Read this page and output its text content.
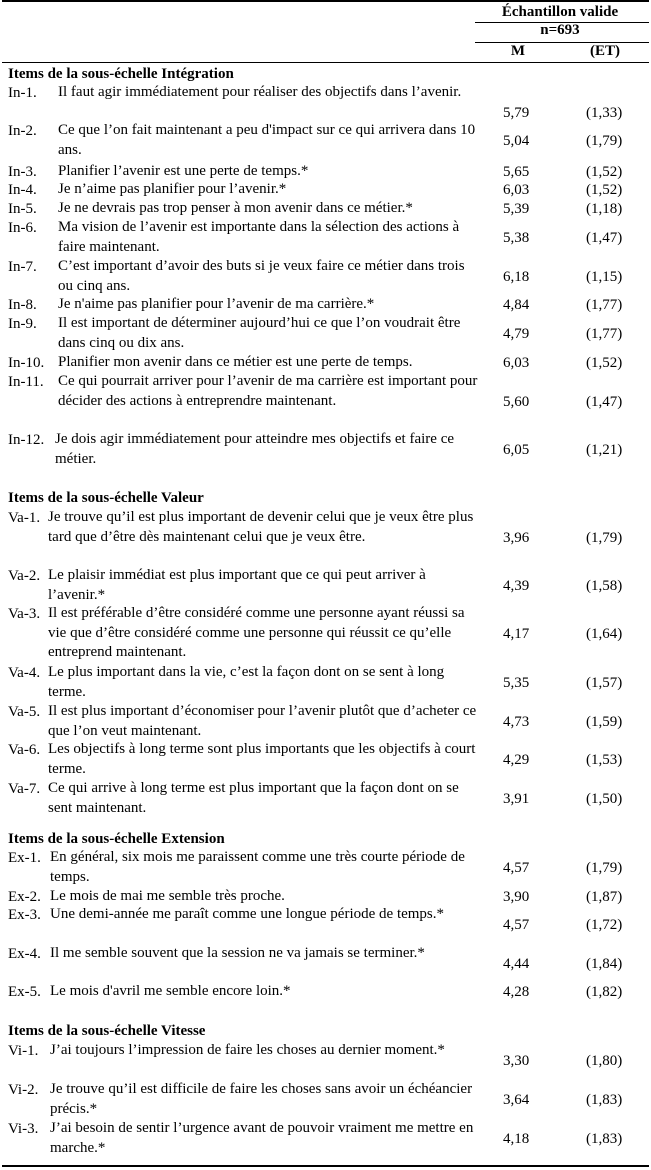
Échantillon valide
n=693
M	(ET)
Items de la sous-échelle Intégration
In-1. Il faut agir immédiatement pour réaliser des objectifs dans l’avenir.
5,79	(1,33)
In-2. Ce que l’on fait maintenant a peu d'impact sur ce qui arrivera dans 10 ans.
5,04	(1,79)
In-3. Planifier l’avenir est une perte de temps.*	5,65	(1,52)
In-4. Je n’aime pas planifier pour l’avenir.*	6,03	(1,52)
In-5. Je ne devrais pas trop penser à mon avenir dans ce métier.*	5,39	(1,18)
In-6. Ma vision de l’avenir est importante dans la sélection des actions à faire maintenant.
5,38	(1,47)
In-7. C’est important d’avoir des buts si je veux faire ce métier dans trois ou cinq ans.
6,18	(1,15)
In-8. Je n'aime pas planifier pour l’avenir de ma carrière.*	4,84	(1,77)
In-9. Il est important de déterminer aujourd’hui ce que l’on voudrait être dans cinq ou dix ans.
4,79	(1,77)
In-10. Planifier mon avenir dans ce métier est une perte de temps.	6,03	(1,52)
In-11. Ce qui pourrait arriver pour l’avenir de ma carrière est important pour décider des actions à entreprendre maintenant.	5,60	(1,47)
In-12. Je dois agir immédiatement pour atteindre mes objectifs et faire ce métier.
6,05	(1,21)
Items de la sous-échelle Valeur
Va-1. Je trouve qu’il est plus important de devenir celui que je veux être plus tard que d’être dès maintenant celui que je veux être.	3,96	(1,79)
Va-2. Le plaisir immédiat est plus important que ce qui peut arriver à l’avenir.*
4,39	(1,58)
Va-3. Il est préférable d’être considéré comme une personne ayant réussi sa vie que d’être considéré comme une personne qui réussit ce qu’elle entreprend maintenant.
4,17	(1,64)
Va-4. Le plus important dans la vie, c’est la façon dont on se sent à long terme.
5,35	(1,57)
Va-5. Il est plus important d’économiser pour l’avenir plutôt que d’acheter ce que l’on veut maintenant.
4,73	(1,59)
Va-6. Les objectifs à long terme sont plus importants que les objectifs à court terme.
4,29	(1,53)
Va-7. Ce qui arrive à long terme est plus important que la façon dont on se sent maintenant.
3,91	(1,50)
Items de la sous-échelle Extension
Ex-1. En général, six mois me paraissent comme une très courte période de temps.
4,57	(1,79)
Ex-2. Le mois de mai me semble très proche.	3,90	(1,87)
Ex-3. Une demi-année me paraît comme une longue période de temps.*
4,57	(1,72)
Ex-4. Il me semble souvent que la session ne va jamais se terminer.*
4,44	(1,84)
Ex-5. Le mois d'avril me semble encore loin.*	4,28	(1,82)
Items de la sous-échelle Vitesse
Vi-1. J’ai toujours l’impression de faire les choses au dernier moment.*
3,30	(1,80)
Vi-2. Je trouve qu’il est difficile de faire les choses sans avoir un échéancier précis.*
3,64	(1,83)
Vi-3. J’ai besoin de sentir l’urgence avant de pouvoir vraiment me mettre en marche.*
4,18	(1,83)
